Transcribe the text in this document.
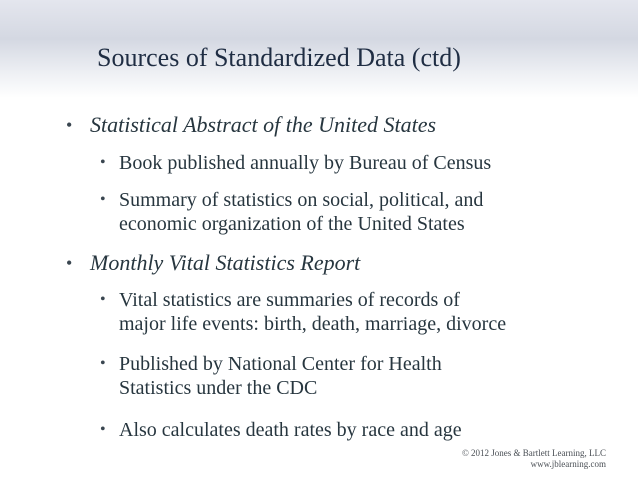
Sources of Standardized Data (ctd)
• Statistical Abstract of the United States
• Book published annually by Bureau of Census
• Summary of statistics on social, political, and
economic organization of the United States
• Monthly Vital Statistics Report
• Vital statistics are summaries of records of
major life events: birth, death, marriage, divorce
• Published by National Center for Health
Statistics under the CDC
• Also calculates death rates by race and age
© 2012 Jones & Bartlett Learning, LLC
www.jblearning.com
